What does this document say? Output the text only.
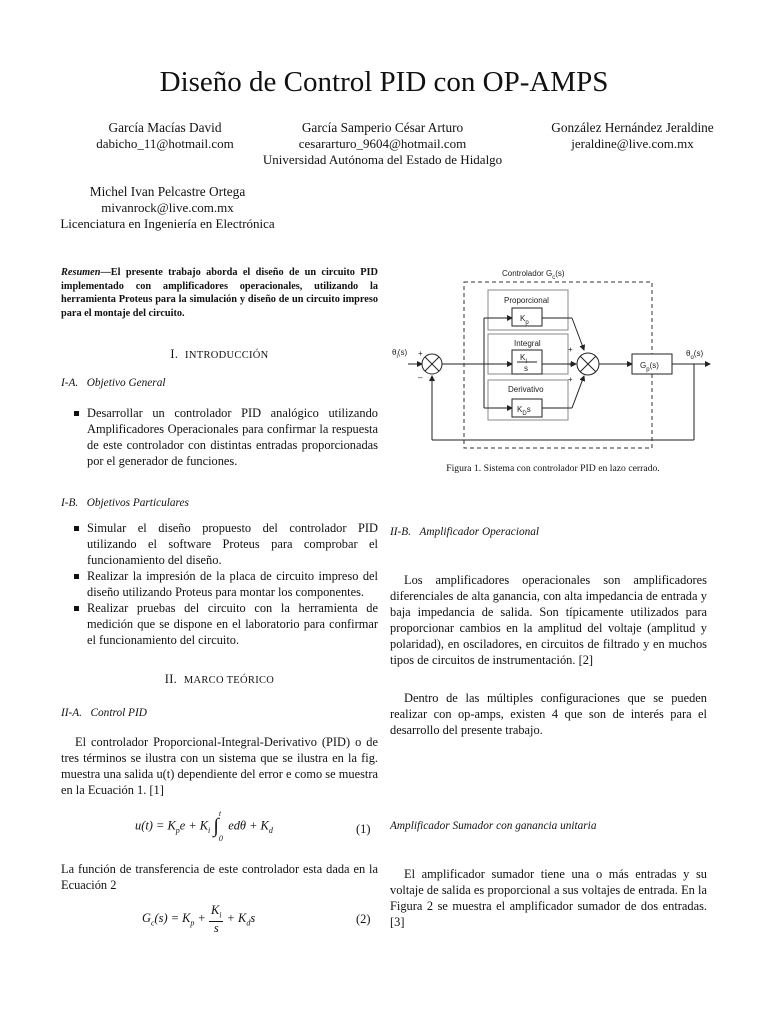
Diseño de Control PID con OP-AMPS
García Macías David
dabicho_11@hotmail.com
García Samperio César Arturo
cesararturo_9604@hotmail.com
Universidad Autónoma del Estado de Hidalgo
González Hernández Jeraldine
jeraldine@live.com.mx
Michel Ivan Pelcastre Ortega
mivanrock@live.com.mx
Licenciatura en Ingeniería en Electrónica
Resumen—El presente trabajo aborda el diseño de un circuito PID implementado con amplificadores operacionales, utilizando la herramienta Proteus para la simulación y diseño de un circuito impreso para el montaje del circuito.
I. INTRODUCCIÓN
I-A. Objetivo General
Desarrollar un controlador PID analógico utilizando Amplificadores Operacionales para confirmar la respuesta de este controlador con distintas entradas proporcionadas por el generador de funciones.
I-B. Objetivos Particulares
Simular el diseño propuesto del controlador PID utilizando el software Proteus para comprobar el funcionamiento del diseño.
Realizar la impresión de la placa de circuito impreso del diseño utilizando Proteus para montar los componentes.
Realizar pruebas del circuito con la herramienta de medición que se dispone en el laboratorio para confirmar el funcionamiento del circuito.
II. MARCO TEÓRICO
II-A. Control PID
El controlador Proporcional-Integral-Derivativo (PID) o de tres términos se ilustra con un sistema que se ilustra en la fig. muestra una salida u(t) dependiente del error e como se muestra en la Ecuación 1. [1]
$u(t) = K_pe + K_i$ $\int_0^t$ $ed\theta + K_d$	(1)
La función de transferencia de este controlador esta dada en la Ecuación 2
$G_c(s) = K_p + \frac{K_i}{s} + K_ds$	(2)
Controlador $G_c(s)$
$\theta_i(s)$ +
–
Proporcional
$K_p$
Integral
K
s
Derivativo
$K_Ds$
+
+
+
$G_p(s)$
$\theta_o(s)$
Figura 1. Sistema con controlador PID en lazo cerrado.
II-B. Amplificador Operacional
Los amplificadores operacionales son amplificadores diferenciales de alta ganancia, con alta impedancia de entrada y baja impedancia de salida. Son típicamente utilizados para proporcionar cambios en la amplitud del voltaje (amplitud y polaridad), en osciladores, en circuitos de filtrado y en muchos tipos de circuitos de instrumentación. [2]
Dentro de las múltiples configuraciones que se pueden realizar con op-amps, existen 4 que son de interés para el desarrollo del presente trabajo.
Amplificador Sumador con ganancia unitaria
El amplificador sumador tiene una o más entradas y su voltaje de salida es proporcional a sus voltajes de entrada. En la Figura 2 se muestra el amplificador sumador de dos entradas. [3]
